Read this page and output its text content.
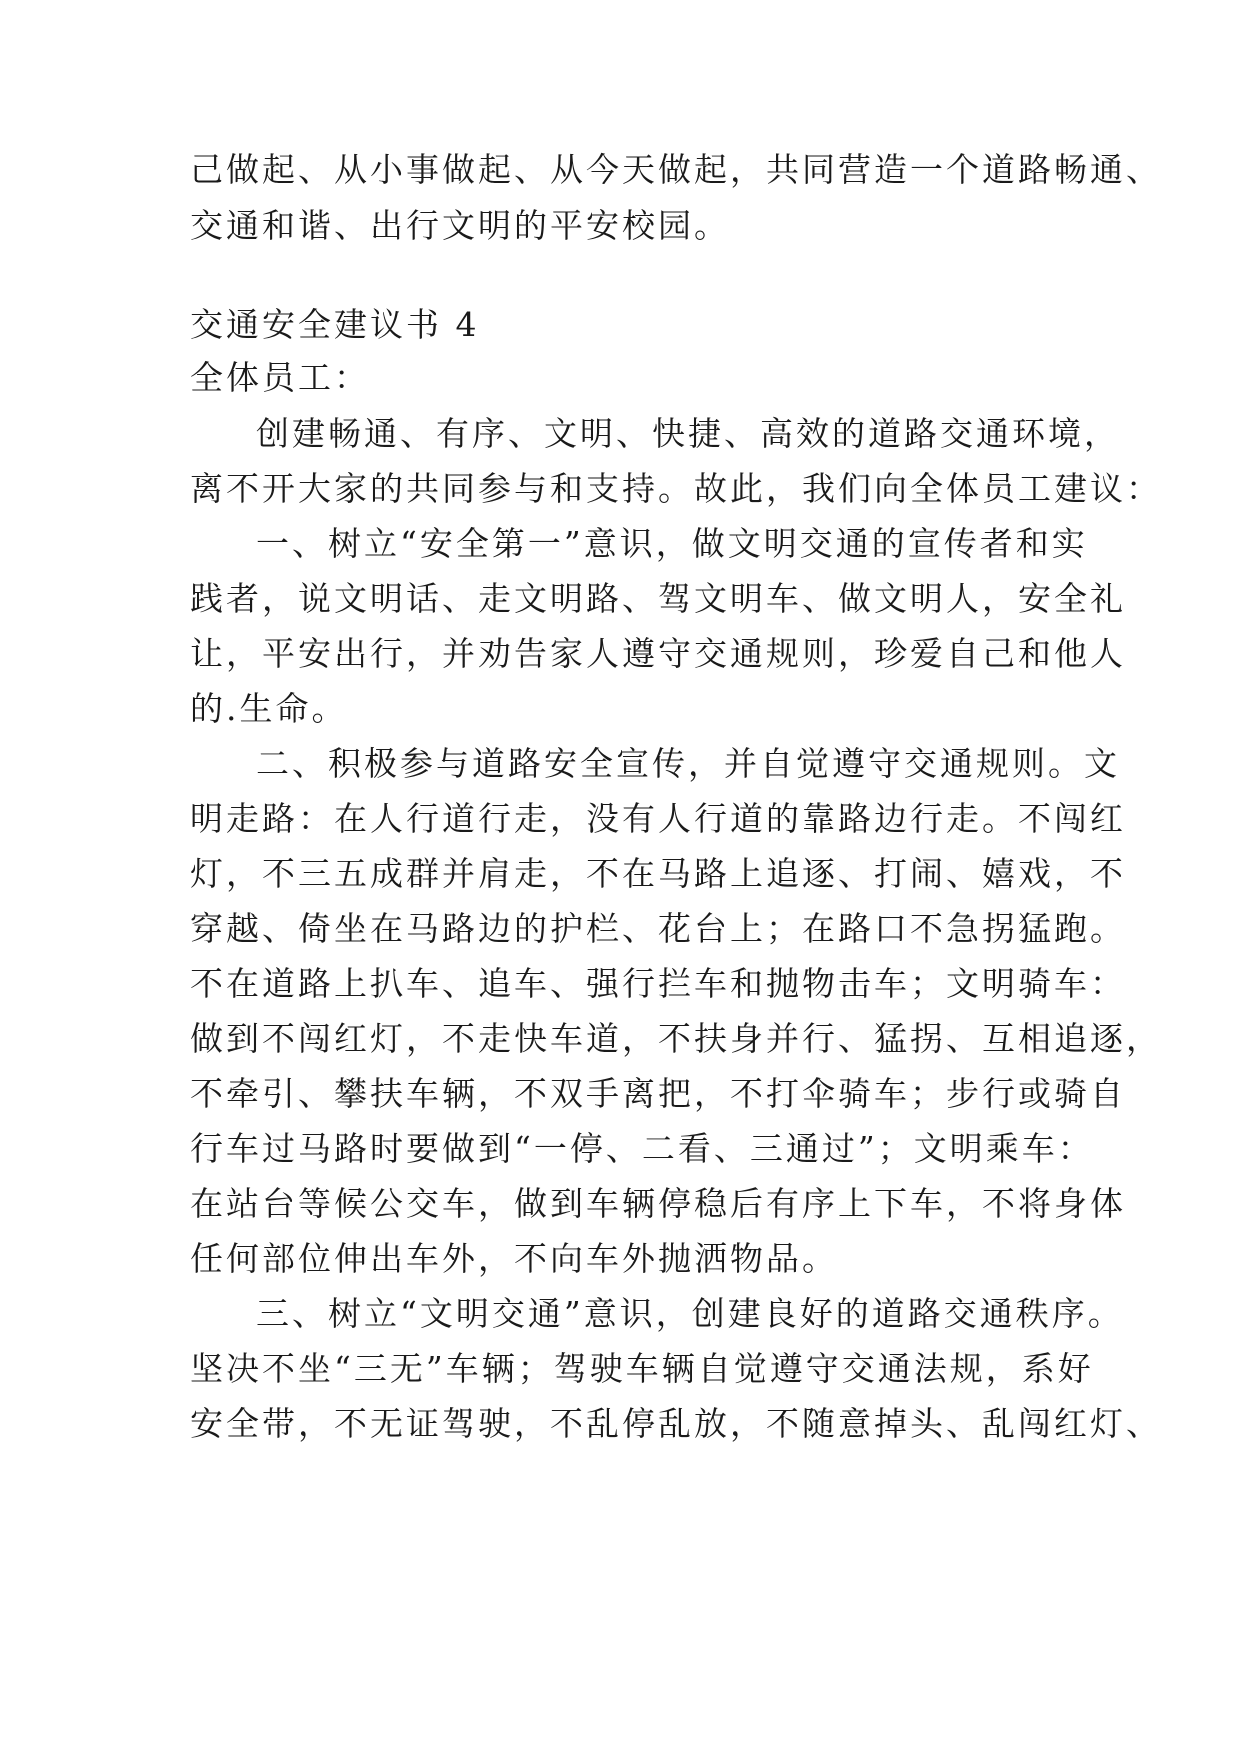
己做起、从小事做起、从今天做起，共同营造一个道路畅通、
交通和谐、出行文明的平安校园。
交通安全建议书 4
全体员工：
创建畅通、有序、文明、快捷、高效的道路交通环境，
离不开大家的共同参与和支持。故此，我们向全体员工建议：
一、树立“安全第一”意识，做文明交通的宣传者和实
践者，说文明话、走文明路、驾文明车、做文明人，安全礼
让，平安出行，并劝告家人遵守交通规则，珍爱自己和他人
的.生命。
二、积极参与道路安全宣传，并自觉遵守交通规则。文
明走路：在人行道行走，没有人行道的靠路边行走。不闯红
灯，不三五成群并肩走，不在马路上追逐、打闹、嬉戏，不
穿越、倚坐在马路边的护栏、花台上；在路口不急拐猛跑。
不在道路上扒车、追车、强行拦车和抛物击车；文明骑车：
做到不闯红灯，不走快车道，不扶身并行、猛拐、互相追逐，
不牵引、攀扶车辆，不双手离把，不打伞骑车；步行或骑自
行车过马路时要做到“一停、二看、三通过”；文明乘车：
在站台等候公交车，做到车辆停稳后有序上下车，不将身体
任何部位伸出车外，不向车外抛洒物品。
三、树立“文明交通”意识，创建良好的道路交通秩序。
坚决不坐“三无”车辆；驾驶车辆自觉遵守交通法规，系好
安全带，不无证驾驶，不乱停乱放，不随意掉头、乱闯红灯、
